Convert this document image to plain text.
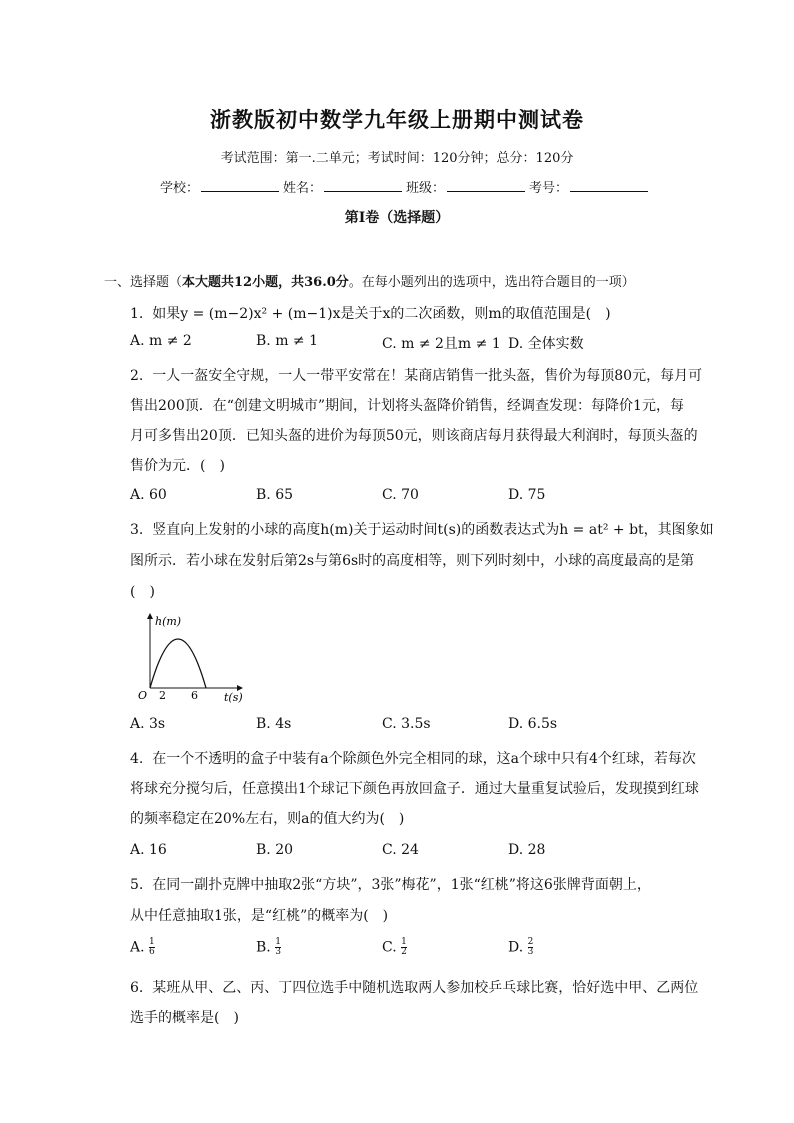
浙教版初中数学九年级上册期中测试卷
考试范围：第一.二单元；考试时间：120分钟；总分：120分
学校：	姓名：	班级：	考号：
第I卷（选择题）
一、选择题（本大题共12小题，共36.0分。在每小题列出的选项中，选出符合题目的一项）
1. 如果y = (m−2)x² + (m−1)x是关于x的二次函数，则m的取值范围是(　)
A. m ≠ 2	B. m ≠ 1	C. m ≠ 2且m ≠ 1 D. 全体实数
2. 一人一盔安全守规，一人一带平安常在！某商店销售一批头盔，售价为每顶80元，每月可
售出200顶．在“创建文明城市”期间，计划将头盔降价销售，经调查发现：每降价1元，每
月可多售出20顶．已知头盔的进价为每顶50元，则该商店每月获得最大利润时，每顶头盔的
售价为元．(　)
A. 60	B. 65	C. 70	D. 75
3. 竖直向上发射的小球的高度h(m)关于运动时间t(s)的函数表达式为h = at² + bt，其图象如
图所示．若小球在发射后第2s与第6s时的高度相等，则下列时刻中，小球的高度最高的是第
(　)
h(m)
t(s)
O 2 6
A. 3s	B. 4s	C. 3.5s	D. 6.5s
4. 在一个不透明的盒子中装有a个除颜色外完全相同的球，这a个球中只有4个红球，若每次
将球充分搅匀后，任意摸出1个球记下颜色再放回盒子．通过大量重复试验后，发现摸到红球
的频率稳定在20%左右，则a的值大约为(　)
A. 16	B. 20	C. 24	D. 28
5. 在同一副扑克牌中抽取2张“方块”，3张”梅花”，1张“红桃”将这6张牌背面朝上，
从中任意抽取1张，是“红桃”的概率为(　)
A. $\frac{1}{6}$	B. $\frac{1}{3}$	C. $\frac{1}{2}$	D. $\frac{2}{3}$
6. 某班从甲、乙、丙、丁四位选手中随机选取两人参加校乒乓球比赛，恰好选中甲、乙两位
选手的概率是(　)
